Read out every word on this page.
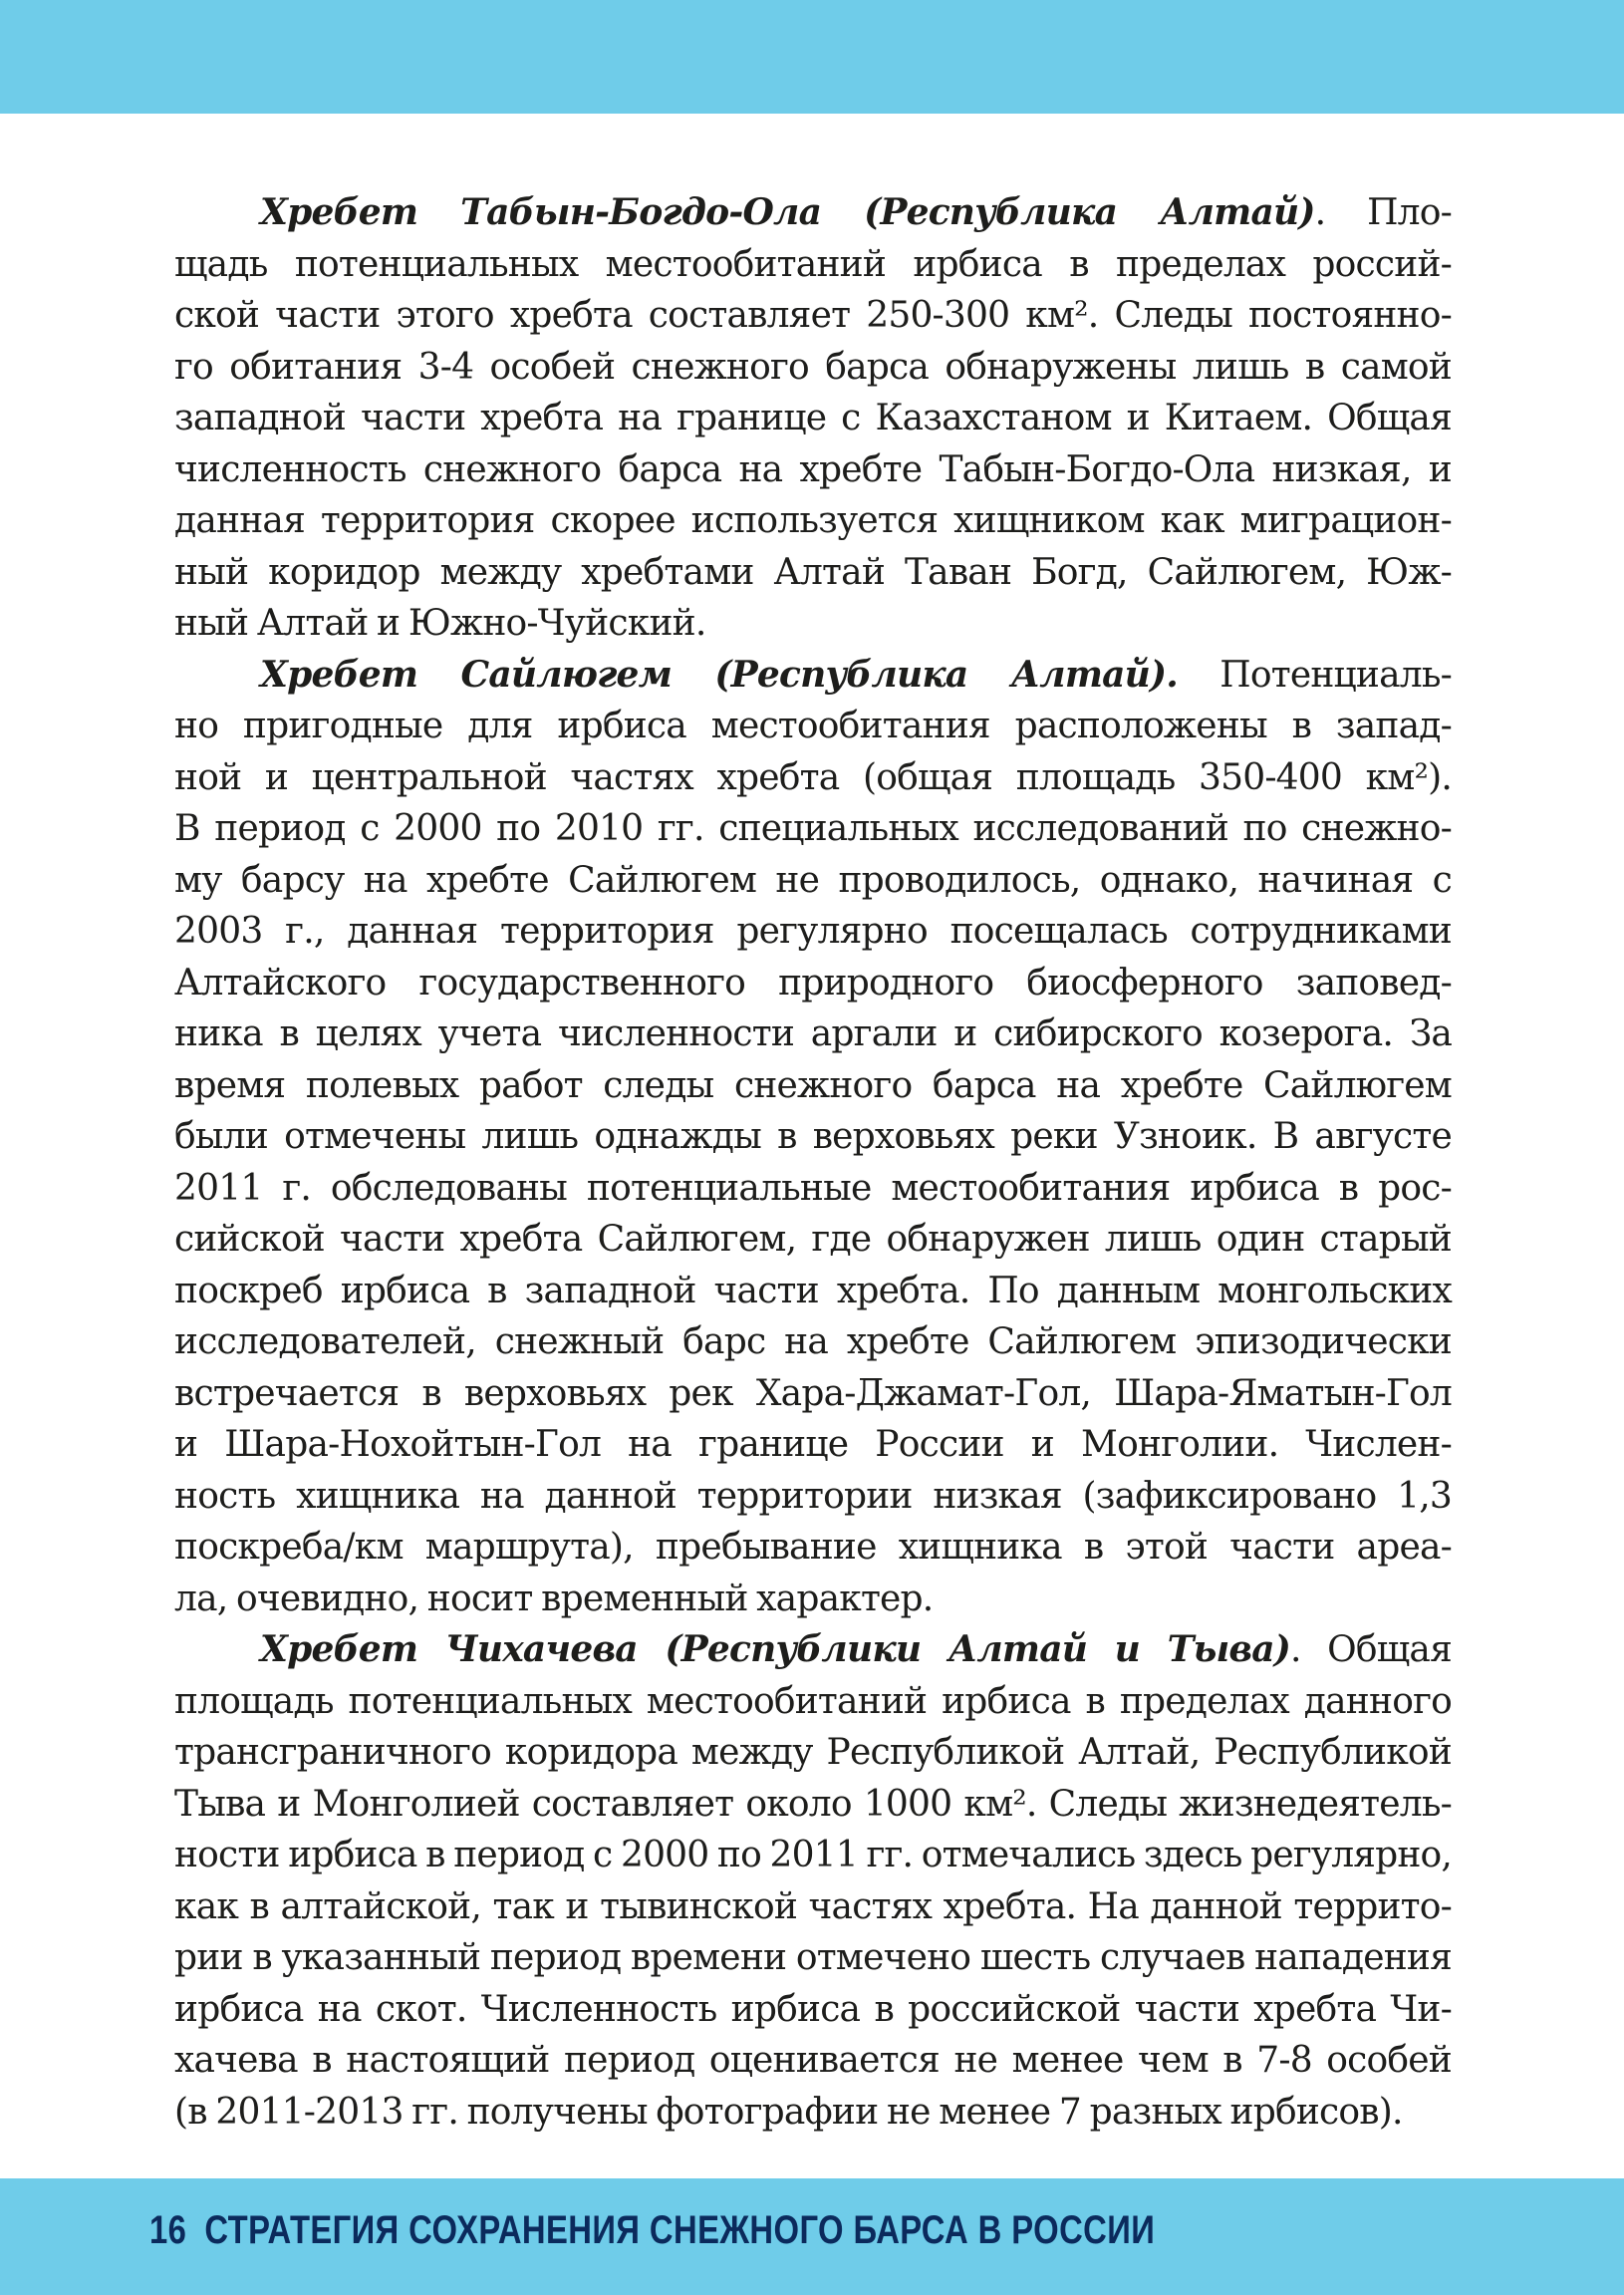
Хребет Табын-Богдо-Ола (Республика Алтай). Пло-
щадь потенциальных местообитаний ирбиса в пределах россий-
ской части этого хребта составляет 250-300 км². Следы постоянно-
го обитания 3-4 особей снежного барса обнаружены лишь в самой
западной части хребта на границе с Казахстаном и Китаем. Общая
численность снежного барса на хребте Табын-Богдо-Ола низкая, и
данная территория скорее используется хищником как миграцион-
ный коридор между хребтами Алтай Таван Богд, Сайлюгем, Юж-
ный Алтай и Южно-Чуйский.

Хребет Сайлюгем (Республика Алтай). Потенциаль-
но пригодные для ирбиса местообитания расположены в запад-
ной и центральной частях хребта (общая площадь 350-400 км²).
В период с 2000 по 2010 гг. специальных исследований по снежно-
му барсу на хребте Сайлюгем не проводилось, однако, начиная с
2003 г., данная территория регулярно посещалась сотрудниками
Алтайского государственного природного биосферного заповед-
ника в целях учета численности аргали и сибирского козерога. За
время полевых работ следы снежного барса на хребте Сайлюгем
были отмечены лишь однажды в верховьях реки Узноик. В августе
2011 г. обследованы потенциальные местообитания ирбиса в рос-
сийской части хребта Сайлюгем, где обнаружен лишь один старый
поскреб ирбиса в западной части хребта. По данным монгольских
исследователей, снежный барс на хребте Сайлюгем эпизодически
встречается в верховьях рек Хара-Джамат-Гол, Шара-Яматын-Гол
и Шара-Нохойтын-Гол на границе России и Монголии. Числен-
ность хищника на данной территории низкая (зафиксировано 1,3
поскреба/км маршрута), пребывание хищника в этой части ареа-
ла, очевидно, носит временный характер.

Хребет Чихачева (Республики Алтай и Тыва). Общая
площадь потенциальных местообитаний ирбиса в пределах данного
трансграничного коридора между Республикой Алтай, Республикой
Тыва и Монголией составляет около 1000 км². Следы жизнедеятель-
ности ирбиса в период с 2000 по 2011 гг. отмечались здесь регулярно,
как в алтайской, так и тывинской частях хребта. На данной террито-
рии в указанный период времени отмечено шесть случаев нападения
ирбиса на скот. Численность ирбиса в российской части хребта Чи-
хачева в настоящий период оценивается не менее чем в 7-8 особей
(в 2011-2013 гг. получены фотографии не менее 7 разных ирбисов).

16 СТРАТЕГИЯ СОХРАНЕНИЯ СНЕЖНОГО БАРСА В РОССИИ
